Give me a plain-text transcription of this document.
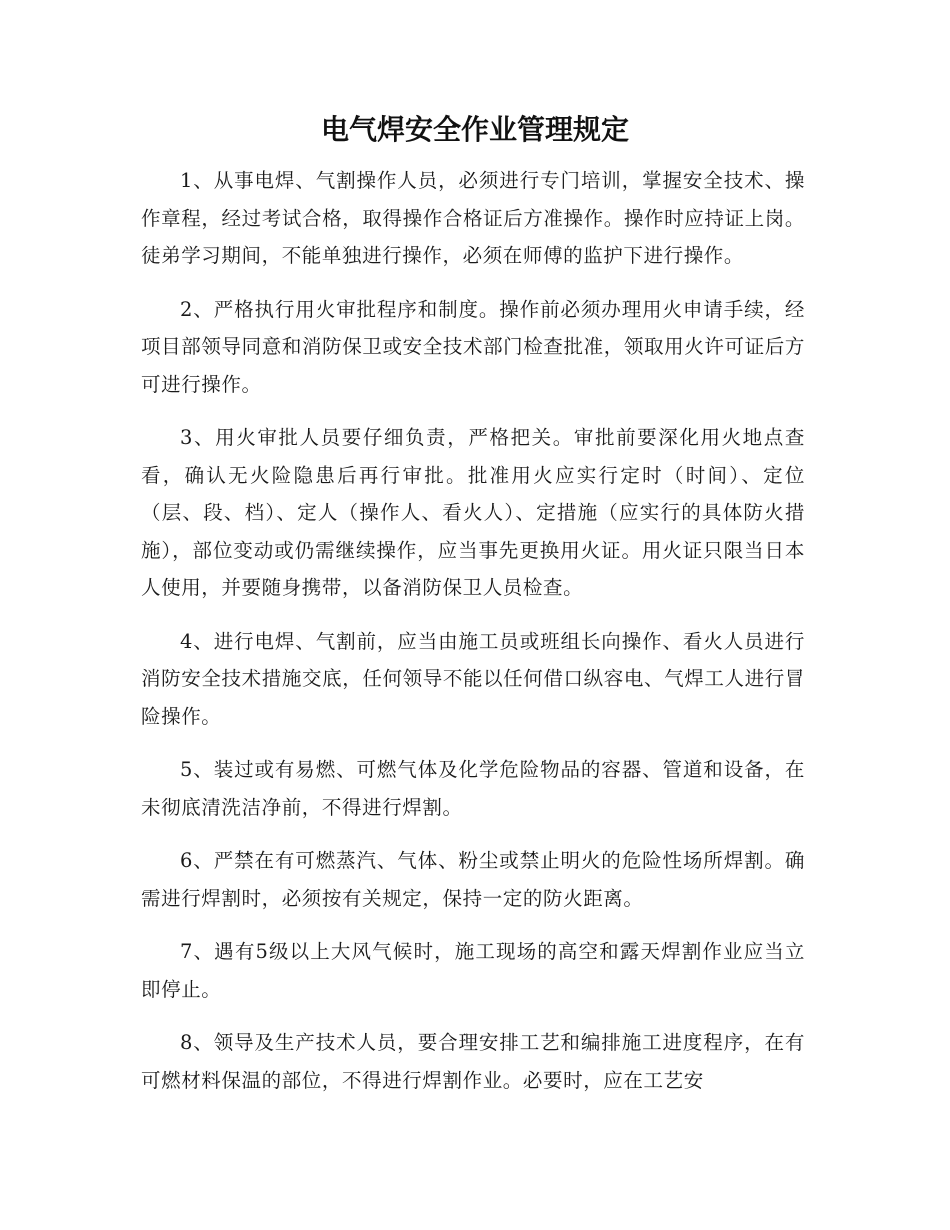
电气焊安全作业管理规定

1、从事电焊、气割操作人员，必须进行专门培训，掌握安全技术、操作章程，经过考试合格，取得操作合格证后方准操作。操作时应持证上岗。徒弟学习期间，不能单独进行操作，必须在师傅的监护下进行操作。

2、严格执行用火审批程序和制度。操作前必须办理用火申请手续，经项目部领导同意和消防保卫或安全技术部门检查批准，领取用火许可证后方可进行操作。

3、用火审批人员要仔细负责，严格把关。审批前要深化用火地点查看，确认无火险隐患后再行审批。批准用火应实行定时（时间）、定位（层、段、档）、定人（操作人、看火人）、定措施（应实行的具体防火措施），部位变动或仍需继续操作，应当事先更换用火证。用火证只限当日本人使用，并要随身携带，以备消防保卫人员检查。

4、进行电焊、气割前，应当由施工员或班组长向操作、看火人员进行消防安全技术措施交底，任何领导不能以任何借口纵容电、气焊工人进行冒险操作。

5、装过或有易燃、可燃气体及化学危险物品的容器、管道和设备，在未彻底清洗洁净前，不得进行焊割。

6、严禁在有可燃蒸汽、气体、粉尘或禁止明火的危险性场所焊割。确需进行焊割时，必须按有关规定，保持一定的防火距离。

7、遇有5级以上大风气候时，施工现场的高空和露天焊割作业应当立即停止。

8、领导及生产技术人员，要合理安排工艺和编排施工进度程序，在有可燃材料保温的部位，不得进行焊割作业。必要时，应在工艺安
